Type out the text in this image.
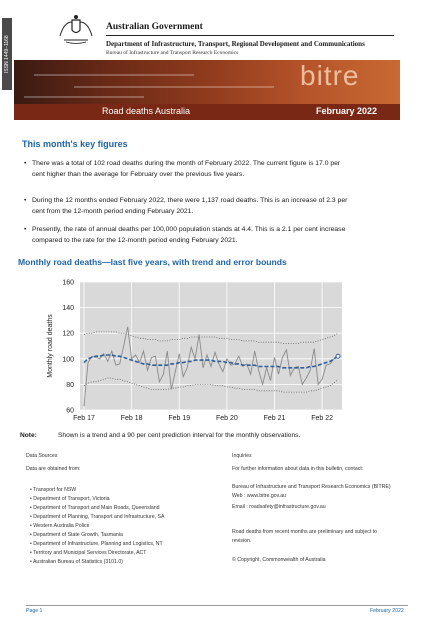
ISSN 1449–1168
Australian Government
Department of Infrastructure, Transport, Regional Development and Communications
Bureau of Infrastructure and Transport Research Economics
bitre
Road deaths Australia	February 2022
This month's key figures
• There was a total of 102 road deaths during the month of February 2022. The current figure is 17.0 per cent higher than the average for February over the previous five years.
• During the 12 months ended February 2022, there were 1,137 road deaths. This is an increase of 2.3 per cent from the 12-month period ending February 2021.
• Presently, the rate of annual deaths per 100,000 population stands at 4.4. This is a 2.1 per cent increase compared to the rate for the 12-month period ending February 2021.
Monthly road deaths—last five years, with trend and error bounds
60
80
100
120
140
160
Feb 17	Feb 18	Feb 19	Feb 20	Feb 21	Feb 22
Monthly road deaths
Note:	Shown is a trend and a 90 per cent prediction interval for the monthly observations.
Data Sources
Data are obtained from:
• Transport for NSW
• Department of Transport, Victoria
• Department of Transport and Main Roads, Queensland
• Department of Planning, Transport and Infrastructure, SA
• Western Australia Police
• Department of State Growth, Tasmania
• Department of Infrastructure, Planning and Logistics, NT
• Territory and Municipal Services Directorate, ACT
• Australian Bureau of Statistics (3101.0)
Inquiries
For further information about data in this bulletin, contact:
Bureau of Infrastructure and Transport Research Economics (BITRE)
Web : www.bitre.gov.au
Email : roadsafety@infrastructure.gov.au
Road deaths from recent months are preliminary and subject to revision.
© Copyright, Commonwealth of Australia
Page 1	February 2022
